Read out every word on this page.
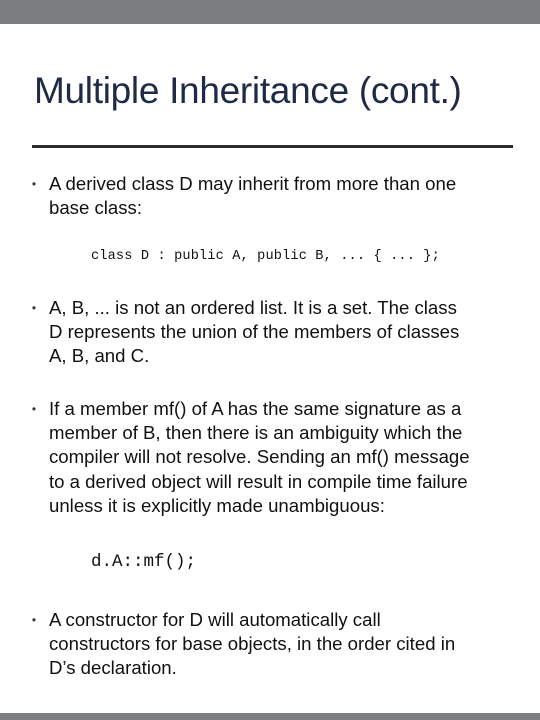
Multiple Inheritance (cont.)
• A derived class D may inherit from more than one
base class:
class D : public A, public B, ... { ... };
• A, B, ... is not an ordered list. It is a set. The class
D represents the union of the members of classes
A, B, and C.
• If a member mf() of A has the same signature as a
member of B, then there is an ambiguity which the
compiler will not resolve. Sending an mf() message
to a derived object will result in compile time failure
unless it is explicitly made unambiguous:
d.A::mf();
• A constructor for D will automatically call
constructors for base objects, in the order cited in
D’s declaration.
